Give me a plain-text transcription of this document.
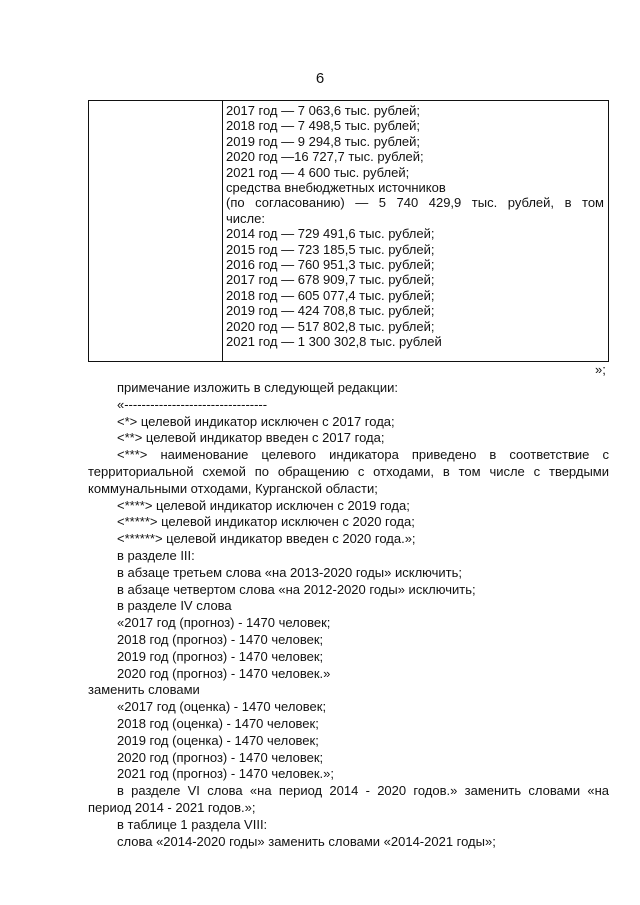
6
2017 год — 7 063,6 тыс. рублей;
2018 год — 7 498,5 тыс. рублей;
2019 год — 9 294,8 тыс. рублей;
2020 год —16 727,7 тыс. рублей;
2021 год — 4 600 тыс. рублей;
средства внебюджетных источников
(по согласованию) — 5 740 429,9 тыс. рублей, в том
числе:
2014 год — 729 491,6 тыс. рублей;
2015 год — 723 185,5 тыс. рублей;
2016 год — 760 951,3 тыс. рублей;
2017 год — 678 909,7 тыс. рублей;
2018 год — 605 077,4 тыс. рублей;
2019 год — 424 708,8 тыс. рублей;
2020 год — 517 802,8 тыс. рублей;
2021 год — 1 300 302,8 тыс. рублей
»;
примечание изложить в следующей редакции:
«---------------------------------
<*> целевой индикатор исключен с 2017 года;
<**> целевой индикатор введен с 2017 года;
<***> наименование целевого индикатора приведено в соответствие с
территориальной схемой по обращению с отходами, в том числе с твердыми
коммунальными отходами, Курганской области;
<****> целевой индикатор исключен с 2019 года;
<*****> целевой индикатор исключен с 2020 года;
<******> целевой индикатор введен с 2020 года.»;
в разделе III:
в абзаце третьем слова «на 2013-2020 годы» исключить;
в абзаце четвертом слова «на 2012-2020 годы» исключить;
в разделе IV слова
«2017 год (прогноз) - 1470 человек;
2018 год (прогноз) - 1470 человек;
2019 год (прогноз) - 1470 человек;
2020 год (прогноз) - 1470 человек.»
заменить словами
«2017 год (оценка) - 1470 человек;
2018 год (оценка) - 1470 человек;
2019 год (оценка) - 1470 человек;
2020 год (прогноз) - 1470 человек;
2021 год (прогноз) - 1470 человек.»;
в разделе VI слова «на период 2014 - 2020 годов.» заменить словами «на
период 2014 - 2021 годов.»;
в таблице 1 раздела VIII:
слова «2014-2020 годы» заменить словами «2014-2021 годы»;
